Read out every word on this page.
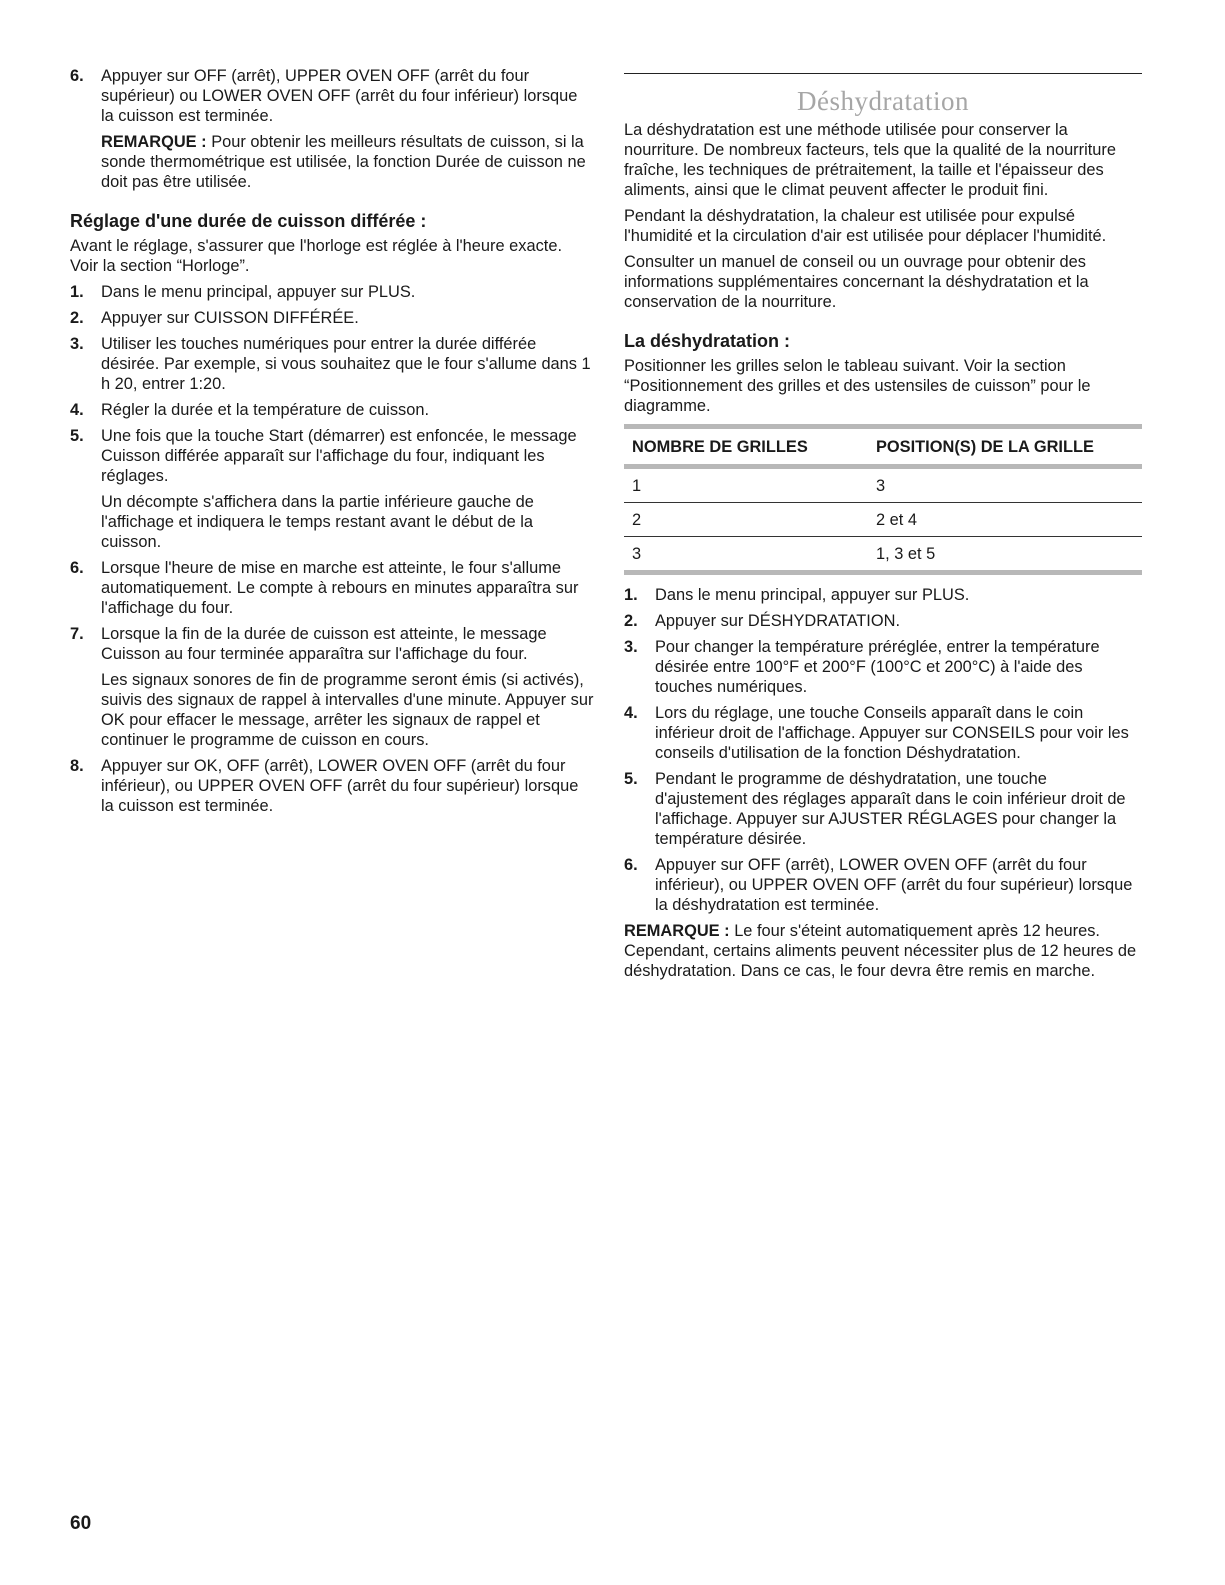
6.	Appuyer sur OFF (arrêt), UPPER OVEN OFF (arrêt du four supérieur) ou LOWER OVEN OFF (arrêt du four inférieur) lorsque la cuisson est terminée.

REMARQUE : Pour obtenir les meilleurs résultats de cuisson, si la sonde thermométrique est utilisée, la fonction Durée de cuisson ne doit pas être utilisée.

Réglage d'une durée de cuisson différée :

Avant le réglage, s'assurer que l'horloge est réglée à l'heure exacte. Voir la section “Horloge”.

1.	Dans le menu principal, appuyer sur PLUS.

2.	Appuyer sur CUISSON DIFFÉRÉE.

3.	Utiliser les touches numériques pour entrer la durée différée désirée. Par exemple, si vous souhaitez que le four s'allume dans 1 h 20, entrer 1:20.

4.	Régler la durée et la température de cuisson.

5.	Une fois que la touche Start (démarrer) est enfoncée, le message Cuisson différée apparaît sur l'affichage du four, indiquant les réglages.

Un décompte s'affichera dans la partie inférieure gauche de l'affichage et indiquera le temps restant avant le début de la cuisson.

6.	Lorsque l'heure de mise en marche est atteinte, le four s'allume automatiquement. Le compte à rebours en minutes apparaîtra sur l'affichage du four.

7.	Lorsque la fin de la durée de cuisson est atteinte, le message Cuisson au four terminée apparaîtra sur l'affichage du four.

Les signaux sonores de fin de programme seront émis (si activés), suivis des signaux de rappel à intervalles d'une minute. Appuyer sur OK pour effacer le message, arrêter les signaux de rappel et continuer le programme de cuisson en cours.

8.	Appuyer sur OK, OFF (arrêt), LOWER OVEN OFF (arrêt du four inférieur), ou UPPER OVEN OFF (arrêt du four supérieur) lorsque la cuisson est terminée.

Déshydratation

La déshydratation est une méthode utilisée pour conserver la nourriture. De nombreux facteurs, tels que la qualité de la nourriture fraîche, les techniques de prétraitement, la taille et l'épaisseur des aliments, ainsi que le climat peuvent affecter le produit fini.

Pendant la déshydratation, la chaleur est utilisée pour expulsé l'humidité et la circulation d'air est utilisée pour déplacer l'humidité.

Consulter un manuel de conseil ou un ouvrage pour obtenir des informations supplémentaires concernant la déshydratation et la conservation de la nourriture.

La déshydratation :

Positionner les grilles selon le tableau suivant. Voir la section “Positionnement des grilles et des ustensiles de cuisson” pour le diagramme.

NOMBRE DE GRILLES	POSITION(S) DE LA GRILLE
1	3
2	2 et 4
3	1, 3 et 5
1.	Dans le menu principal, appuyer sur PLUS.

2.	Appuyer sur DÉSHYDRATATION.

3.	Pour changer la température préréglée, entrer la température désirée entre 100°F et 200°F (100°C et 200°C) à l'aide des touches numériques.

4.	Lors du réglage, une touche Conseils apparaît dans le coin inférieur droit de l'affichage. Appuyer sur CONSEILS pour voir les conseils d'utilisation de la fonction Déshydratation.

5.	Pendant le programme de déshydratation, une touche d'ajustement des réglages apparaît dans le coin inférieur droit de l'affichage. Appuyer sur AJUSTER RÉGLAGES pour changer la température désirée.

6.	Appuyer sur OFF (arrêt), LOWER OVEN OFF (arrêt du four inférieur), ou UPPER OVEN OFF (arrêt du four supérieur) lorsque la déshydratation est terminée.

REMARQUE : Le four s'éteint automatiquement après 12 heures. Cependant, certains aliments peuvent nécessiter plus de 12 heures de déshydratation. Dans ce cas, le four devra être remis en marche.

60
